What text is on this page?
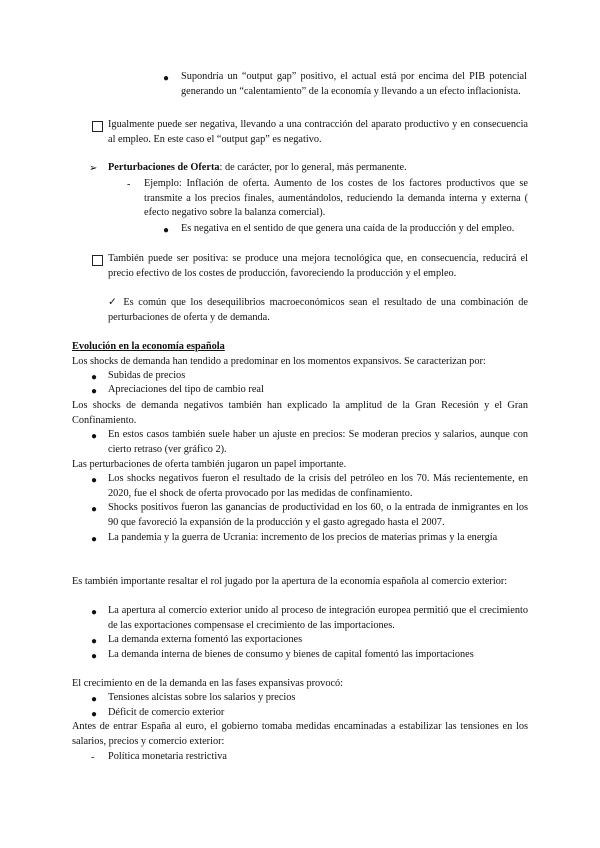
● Supondría un “output gap” positivo, el actual está por encima del PIB potencial generando un “calentamiento” de la economía y llevando a un efecto inflacionista.

Igualmente puede ser negativa, llevando a una contracción del aparato productivo y en consecuencia al empleo. En este caso el “output gap” es negativo.

➢ Perturbaciones de Oferta: de carácter, por lo general, más permanente.

- Ejemplo: Inflación de oferta. Aumento de los costes de los factores productivos que se transmite a los precios finales, aumentándolos, reduciendo la demanda interna y externa ( efecto negativo sobre la balanza comercial).

● Es negativa en el sentido de que genera una caída de la producción y del empleo.

También puede ser positiva: se produce una mejora tecnológica que, en consecuencia, reducirá el precio efectivo de los costes de producción, favoreciendo la producción y el empleo.

✓ Es común que los desequilibrios macroeconómicos sean el resultado de una combinación de perturbaciones de oferta y de demanda.

Evolución en la economía española

Los shocks de demanda han tendido a predominar en los momentos expansivos. Se caracterizan por:

● Subidas de precios

● Apreciaciones del tipo de cambio real

Los shocks de demanda negativos también han explicado la amplitud de la Gran Recesión y el Gran Confinamiento.

● En estos casos también suele haber un ajuste en precios: Se moderan precios y salarios, aunque con cierto retraso (ver gráfico 2).

Las perturbaciones de oferta también jugaron un papel importante.

● Los shocks negativos fueron el resultado de la crisis del petróleo en los 70. Más recientemente, en 2020, fue el shock de oferta provocado por las medidas de confinamiento.

● Shocks positivos fueron las ganancias de productividad en los 60, o la entrada de inmigrantes en los 90 que favoreció la expansión de la producción y el gasto agregado hasta el 2007.

● La pandemia y la guerra de Ucrania: incremento de los precios de materias primas y la energía

Es también importante resaltar el rol jugado por la apertura de la economía española al comercio exterior:

● La apertura al comercio exterior unido al proceso de integración europea permitió que el crecimiento de las exportaciones compensase el crecimiento de las importaciones.

● La demanda externa fomentó las exportaciones

● La demanda interna de bienes de consumo y bienes de capital fomentó las importaciones

El crecimiento en de la demanda en las fases expansivas provocó:

● Tensiones alcistas sobre los salarios y precios

● Déficit de comercio exterior

Antes de entrar España al euro, el gobierno tomaba medidas encaminadas a estabilizar las tensiones en los salarios, precios y comercio exterior:

- Política monetaria restrictiva
